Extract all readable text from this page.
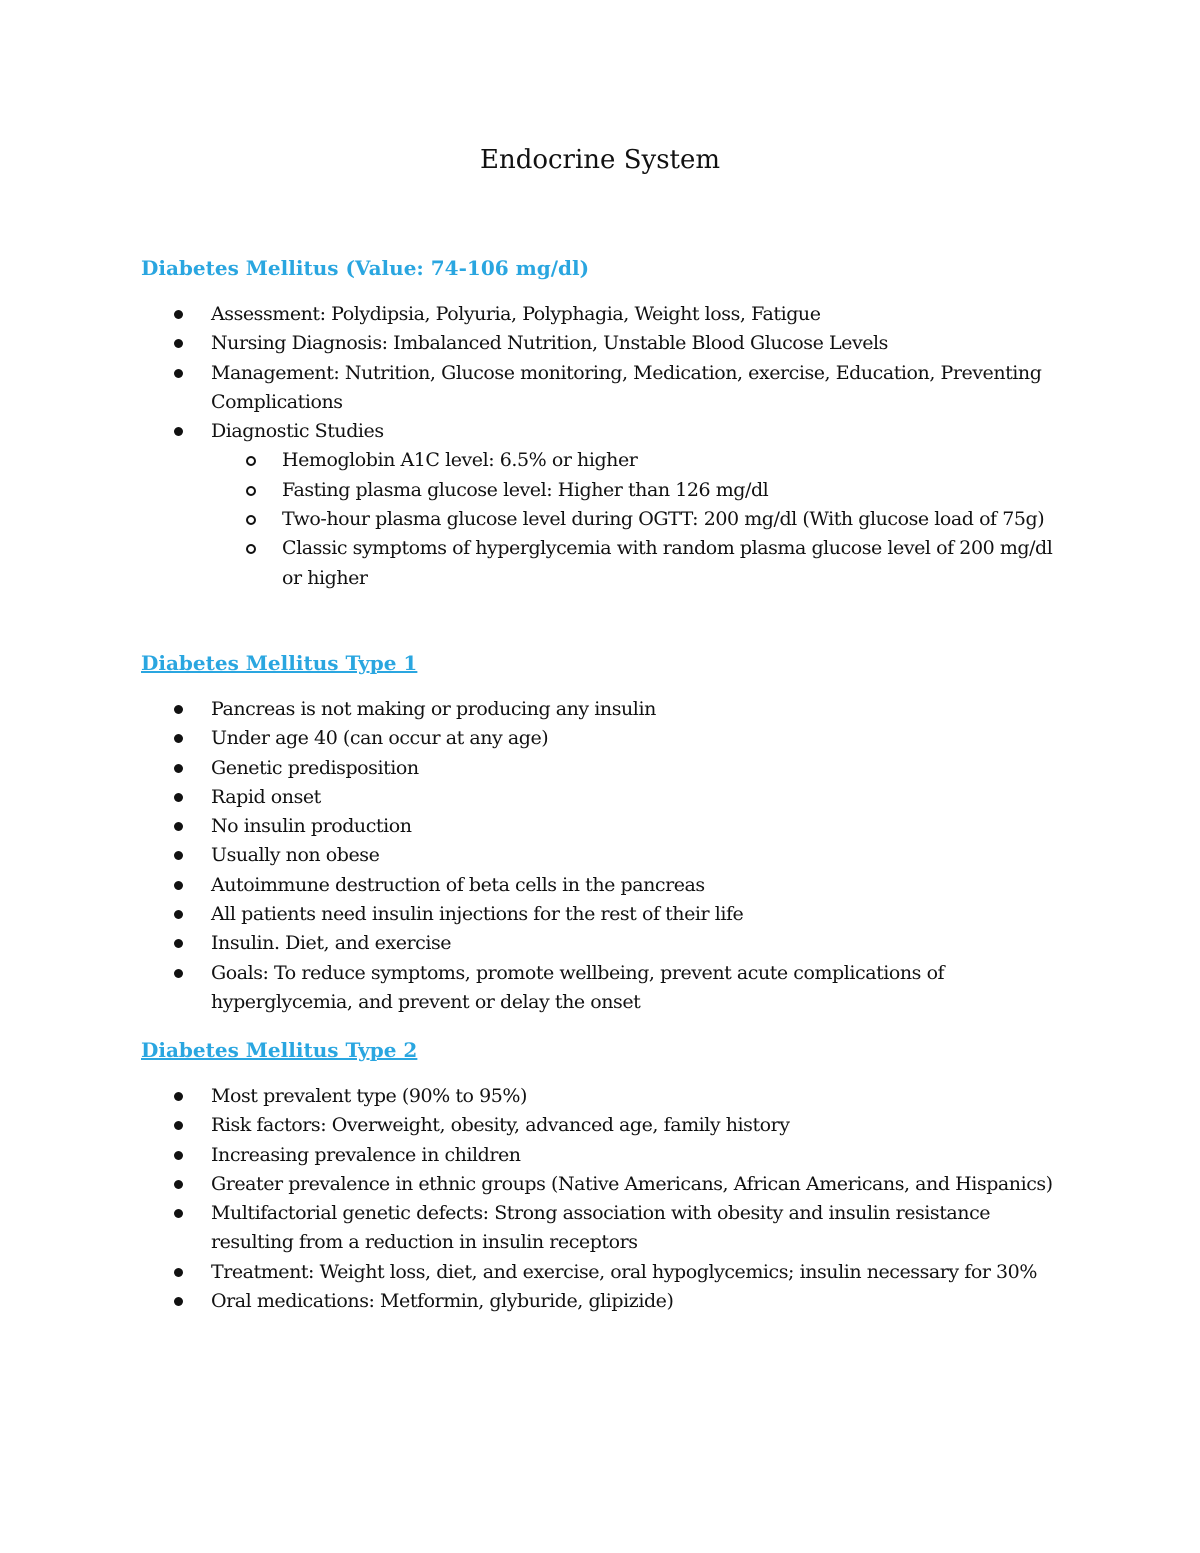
Endocrine System
Diabetes Mellitus (Value: 74-106 mg/dl)
Assessment: Polydipsia, Polyuria, Polyphagia, Weight loss, Fatigue
Nursing Diagnosis: Imbalanced Nutrition, Unstable Blood Glucose Levels
Management: Nutrition, Glucose monitoring, Medication, exercise, Education, Preventing Complications
Diagnostic Studies
Hemoglobin A1C level: 6.5% or higher
Fasting plasma glucose level: Higher than 126 mg/dl
Two-hour plasma glucose level during OGTT: 200 mg/dl (With glucose load of 75g)
Classic symptoms of hyperglycemia with random plasma glucose level of 200 mg/dl or higher
Diabetes Mellitus Type 1
Pancreas is not making or producing any insulin
Under age 40 (can occur at any age)
Genetic predisposition
Rapid onset
No insulin production
Usually non obese
Autoimmune destruction of beta cells in the pancreas
All patients need insulin injections for the rest of their life
Insulin. Diet, and exercise
Goals: To reduce symptoms, promote wellbeing, prevent acute complications of hyperglycemia, and prevent or delay the onset
Diabetes Mellitus Type 2
Most prevalent type (90% to 95%)
Risk factors: Overweight, obesity, advanced age, family history
Increasing prevalence in children
Greater prevalence in ethnic groups (Native Americans, African Americans, and Hispanics)
Multifactorial genetic defects: Strong association with obesity and insulin resistance resulting from a reduction in insulin receptors
Treatment: Weight loss, diet, and exercise, oral hypoglycemics; insulin necessary for 30%
Oral medications: Metformin, glyburide, glipizide)
